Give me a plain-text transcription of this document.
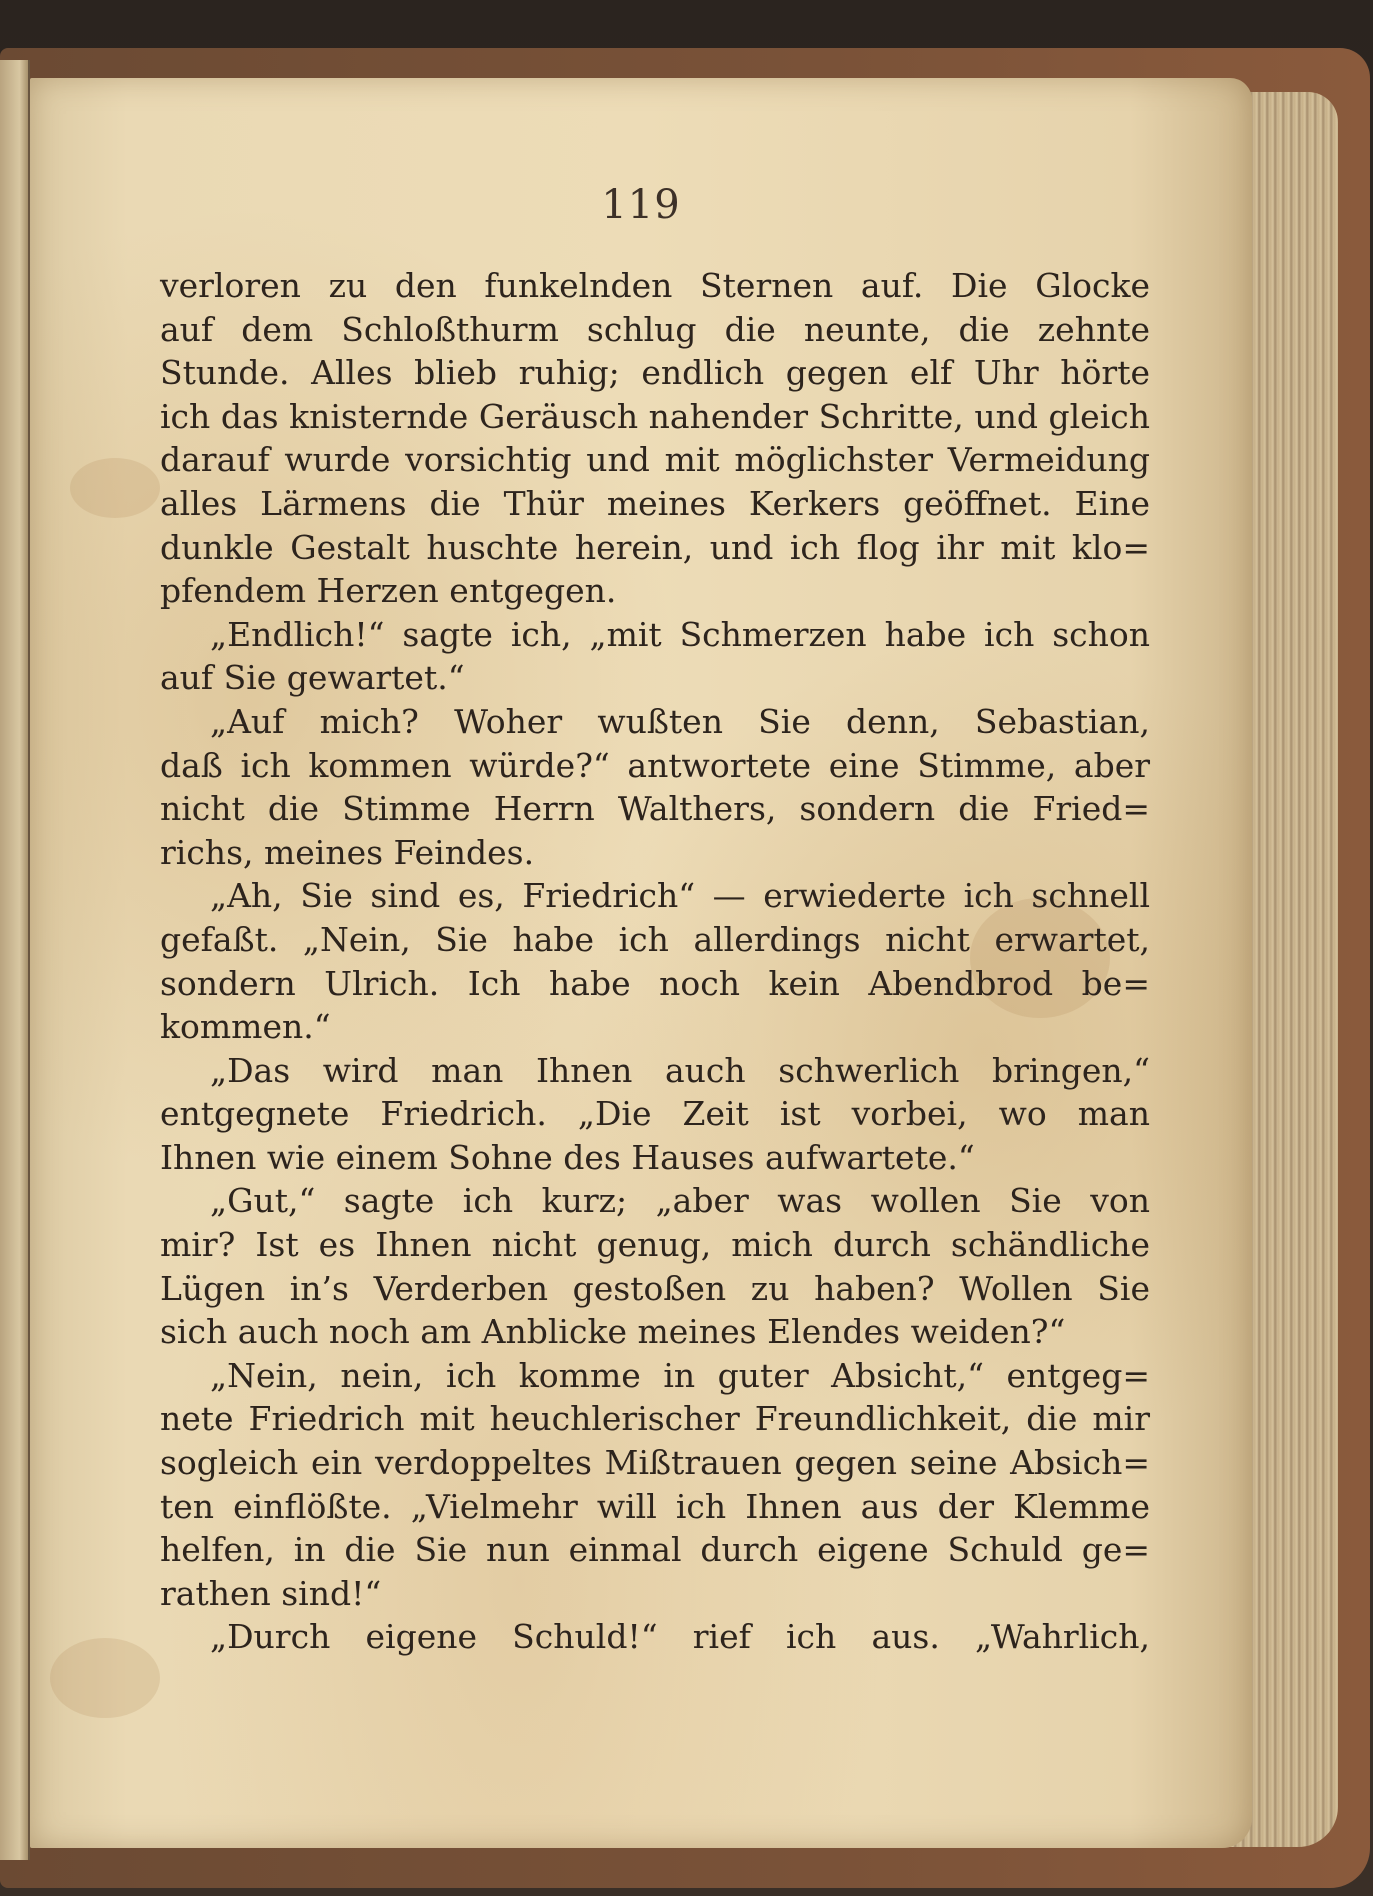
119
verloren zu den funkelnden Sternen auf. Die Glocke
auf dem Schloßthurm schlug die neunte, die zehnte
Stunde. Alles blieb ruhig; endlich gegen elf Uhr hörte
ich das knisternde Geräusch nahender Schritte, und gleich
darauf wurde vorsichtig und mit möglichster Vermeidung
alles Lärmens die Thür meines Kerkers geöffnet. Eine
dunkle Gestalt huschte herein, und ich flog ihr mit klo=
pfendem Herzen entgegen.
„Endlich!“ sagte ich, „mit Schmerzen habe ich schon
auf Sie gewartet.“
„Auf mich? Woher wußten Sie denn, Sebastian,
daß ich kommen würde?“ antwortete eine Stimme, aber
nicht die Stimme Herrn Walthers, sondern die Fried=
richs, meines Feindes.
„Ah, Sie sind es, Friedrich“ — erwiederte ich schnell
gefaßt. „Nein, Sie habe ich allerdings nicht erwartet,
sondern Ulrich. Ich habe noch kein Abendbrod be=
kommen.“
„Das wird man Ihnen auch schwerlich bringen,“
entgegnete Friedrich. „Die Zeit ist vorbei, wo man
Ihnen wie einem Sohne des Hauses aufwartete.“
„Gut,“ sagte ich kurz; „aber was wollen Sie von
mir? Ist es Ihnen nicht genug, mich durch schändliche
Lügen in’s Verderben gestoßen zu haben? Wollen Sie
sich auch noch am Anblicke meines Elendes weiden?“
„Nein, nein, ich komme in guter Absicht,“ entgeg=
nete Friedrich mit heuchlerischer Freundlichkeit, die mir
sogleich ein verdoppeltes Mißtrauen gegen seine Absich=
ten einflößte. „Vielmehr will ich Ihnen aus der Klemme
helfen, in die Sie nun einmal durch eigene Schuld ge=
rathen sind!“
„Durch eigene Schuld!“ rief ich aus. „Wahrlich,
